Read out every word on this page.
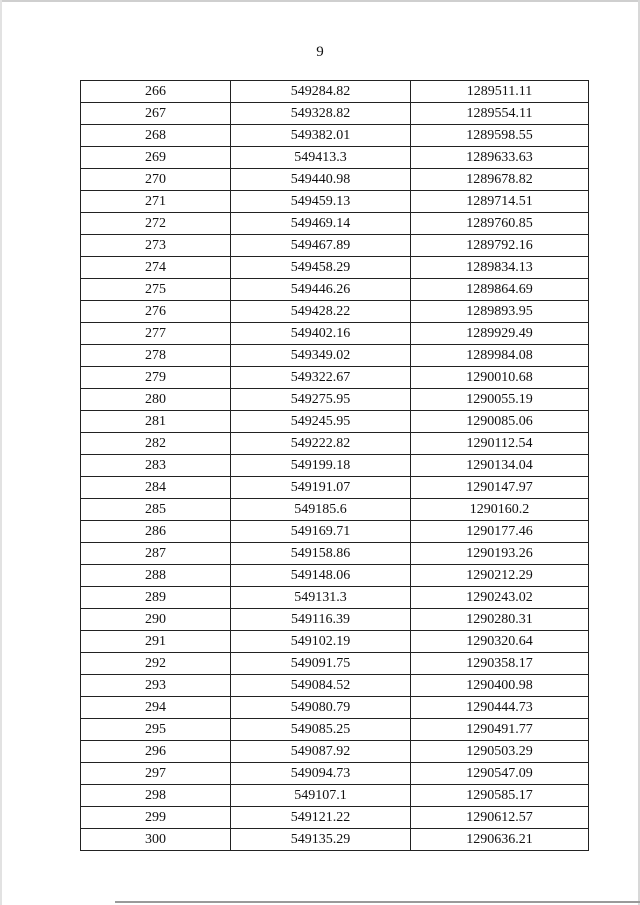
9
266	549284.82	1289511.11
267	549328.82	1289554.11
268	549382.01	1289598.55
269	549413.3	1289633.63
270	549440.98	1289678.82
271	549459.13	1289714.51
272	549469.14	1289760.85
273	549467.89	1289792.16
274	549458.29	1289834.13
275	549446.26	1289864.69
276	549428.22	1289893.95
277	549402.16	1289929.49
278	549349.02	1289984.08
279	549322.67	1290010.68
280	549275.95	1290055.19
281	549245.95	1290085.06
282	549222.82	1290112.54
283	549199.18	1290134.04
284	549191.07	1290147.97
285	549185.6	1290160.2
286	549169.71	1290177.46
287	549158.86	1290193.26
288	549148.06	1290212.29
289	549131.3	1290243.02
290	549116.39	1290280.31
291	549102.19	1290320.64
292	549091.75	1290358.17
293	549084.52	1290400.98
294	549080.79	1290444.73
295	549085.25	1290491.77
296	549087.92	1290503.29
297	549094.73	1290547.09
298	549107.1	1290585.17
299	549121.22	1290612.57
300	549135.29	1290636.21
